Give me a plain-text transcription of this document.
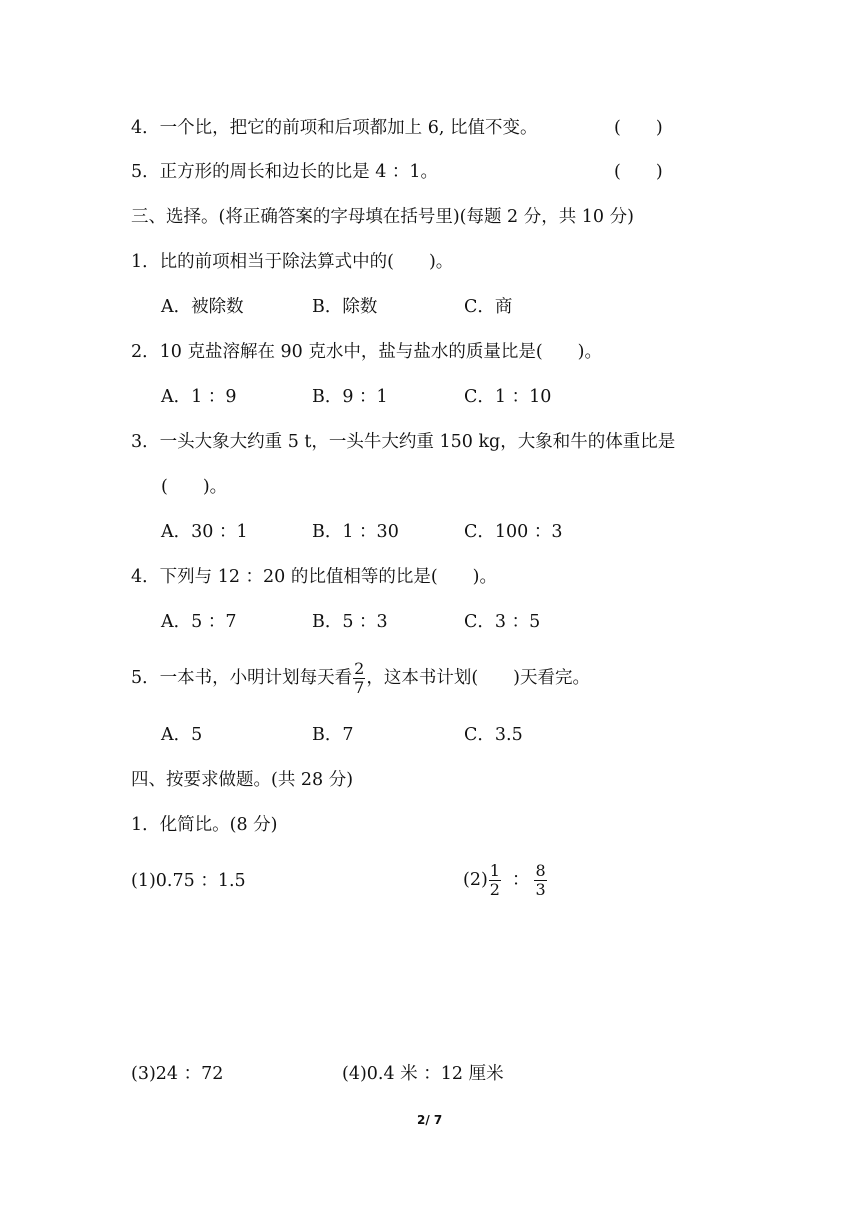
4．一个比，把它的前项和后项都加上 6, 比值不变。	(　　)
5．正方形的周长和边长的比是 4 ：1。	(　　)
三、选择。(将正确答案的字母填在括号里)(每题 2 分，共 10 分)
1．比的前项相当于除法算式中的(　　)。
A．被除数	B．除数	C．商
2．10 克盐溶解在 90 克水中，盐与盐水的质量比是(　　)。
A．1 ：9	B．9 ：1	C．1 ：10
3．一头大象大约重 5 t，一头牛大约重 150 kg，大象和牛的体重比是
(　　)。
A．30 ：1	B．1 ：30	C．100 ：3
4．下列与 12 ：20 的比值相等的比是(　　)。
A．5 ：7	B．5 ：3	C．3 ：5
5．一本书，小明计划每天看 $\frac{2}{7}$ ，这本书计划(　　)天看完。
A．5	B．7	C．3.5
四、按要求做题。(共 28 分)
1．化简比。(8 分)
(1)0.75 ：1.5	$(2) \frac{1}{2}$ ： $\frac{8}{3}$
(3)24 ：72	(4)0.4 米 ：12 厘米
2/ 7
